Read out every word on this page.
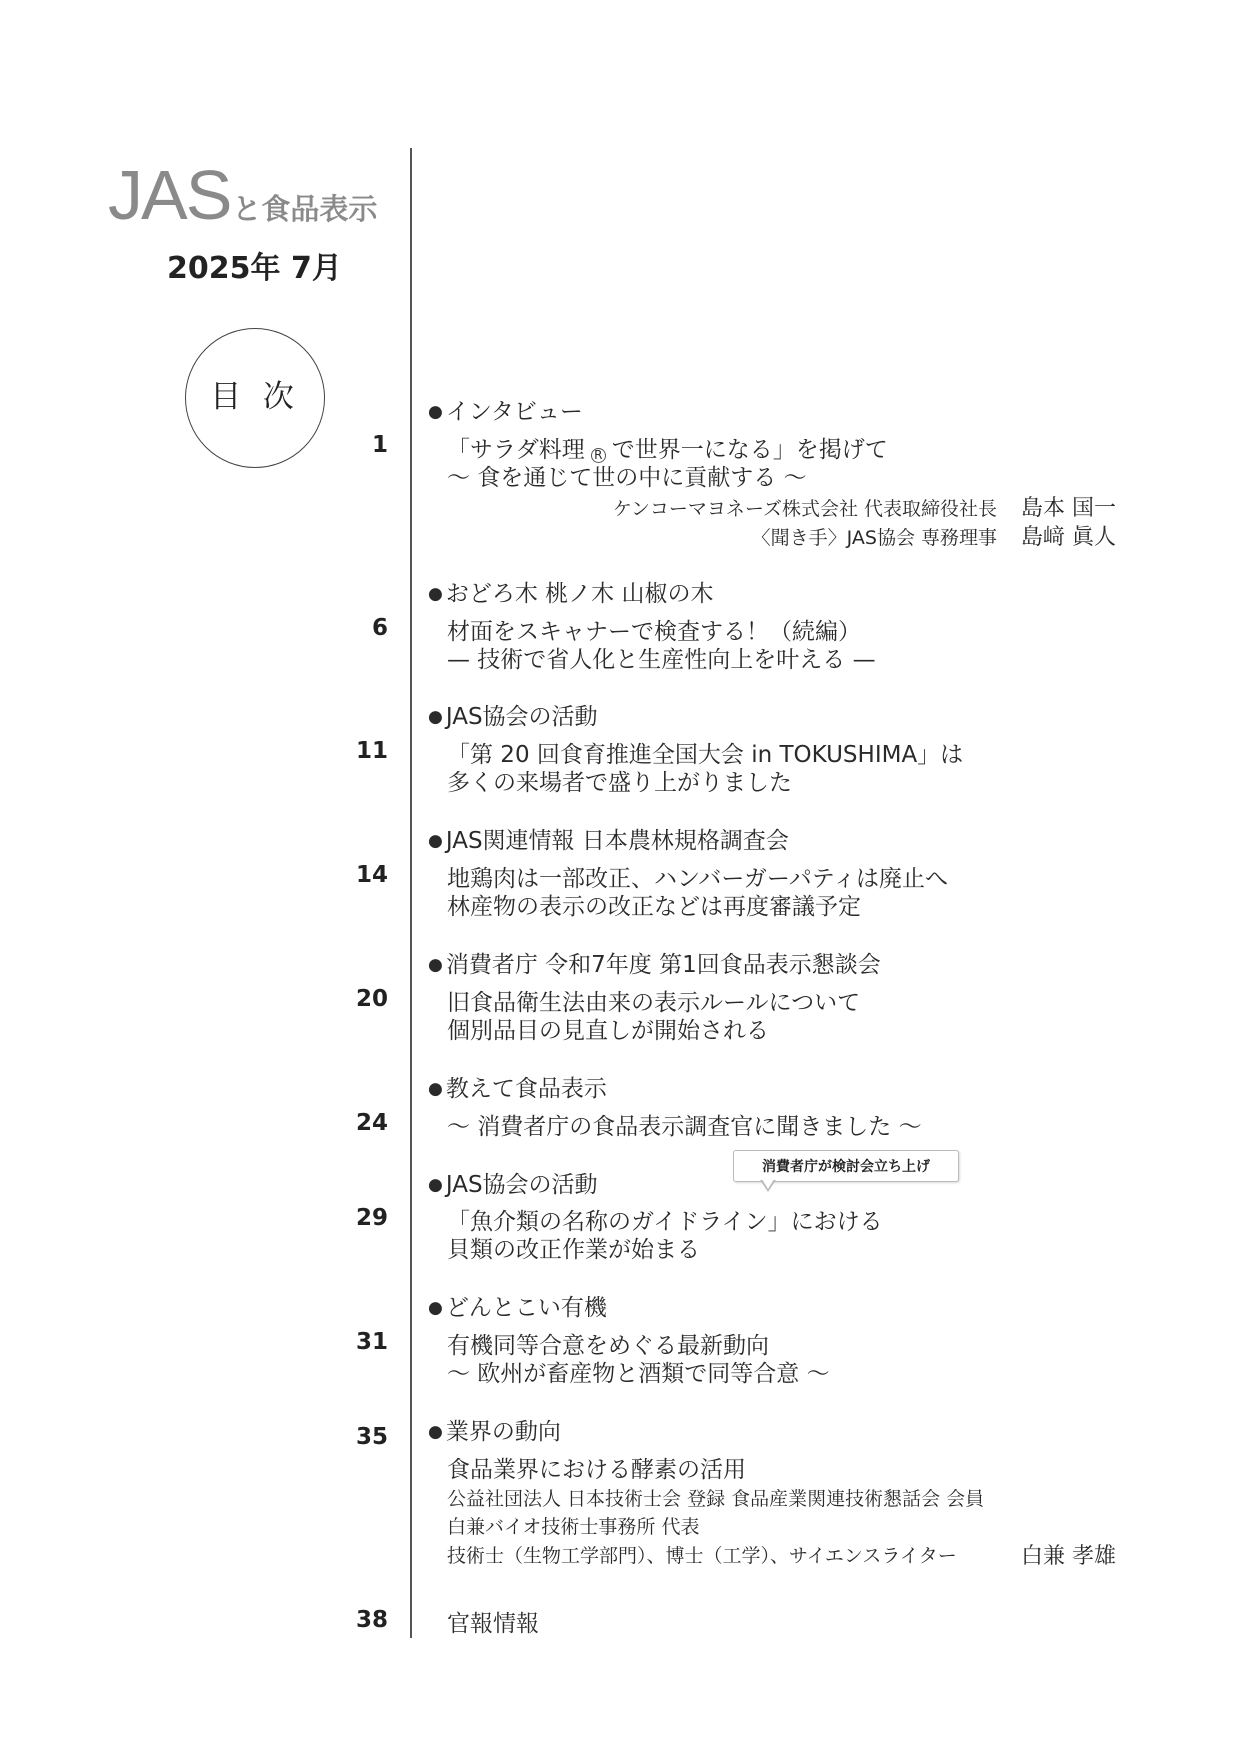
JASと食品表示
2025年 7月
目 次	● インタビュー
1	「サラダ料理 R で世界一になる」を掲げて
〜 食を通じて世の中に貢献する 〜
ケンコーマヨネーズ株式会社 代表取締役社長 島本 国一
〈聞き手〉JAS協会 専務理事 島﨑 眞人
● おどろ木 桃ノ木 山椒の木
6	材面をスキャナーで検査する！（続編）
— 技術で省人化と生産性向上を叶える —
● JAS協会の活動
11	「第 20 回食育推進全国大会 in TOKUSHIMA」は
多くの来場者で盛り上がりました
● JAS関連情報 日本農林規格調査会
14	地鶏肉は一部改正、ハンバーガーパティは廃止へ
林産物の表示の改正などは再度審議予定
● 消費者庁 令和7年度 第1回食品表示懇談会
20	旧食品衛生法由来の表示ルールについて
個別品目の見直しが開始される
● 教えて食品表示
24	〜 消費者庁の食品表示調査官に聞きました 〜
● JAS協会の活動
消費者庁が検討会立ち上げ
29	「魚介類の名称のガイドライン」における
貝類の改正作業が始まる
● どんとこい有機
31	有機同等合意をめぐる最新動向
〜 欧州が畜産物と酒類で同等合意 〜
35 ● 業界の動向
食品業界における酵素の活用
公益社団法人 日本技術士会 登録 食品産業関連技術懇話会 会員
白兼バイオ技術士事務所 代表
技術士（生物工学部門）、博士（工学）、サイエンスライター	白兼 孝雄
38	官報情報
